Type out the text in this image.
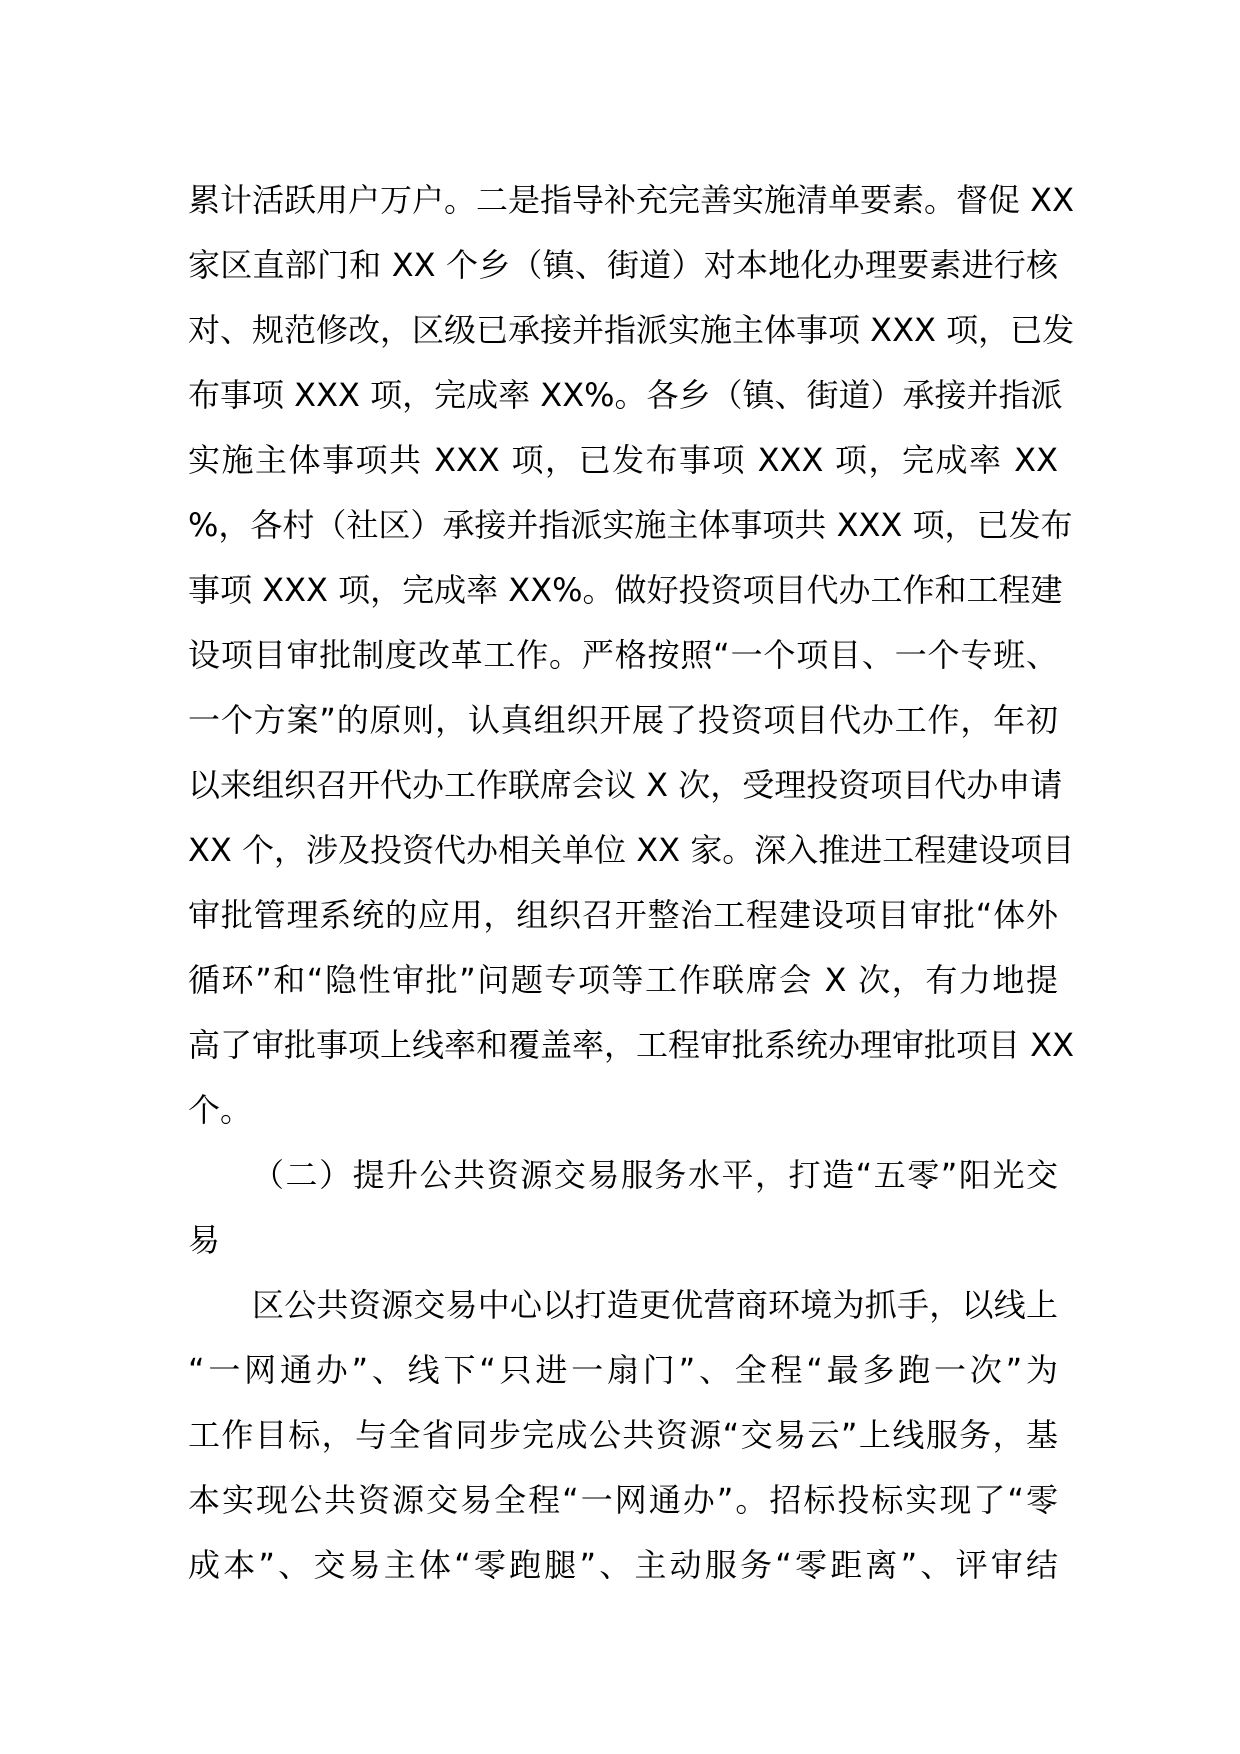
累计活跃用户万户。二是指导补充完善实施清单要素。督促 XX
家区直部门和 XX 个乡（镇、街道）对本地化办理要素进行核
对、规范修改，区级已承接并指派实施主体事项 XXX 项，已发
布事项 XXX 项，完成率 XX%。各乡（镇、街道）承接并指派
实施主体事项共 XXX 项，已发布事项 XXX 项，完成率 XX
%，各村（社区）承接并指派实施主体事项共 XXX 项，已发布
事项 XXX 项，完成率 XX%。做好投资项目代办工作和工程建
设项目审批制度改革工作。严格按照“一个项目、一个专班、
一个方案”的原则，认真组织开展了投资项目代办工作，年初
以来组织召开代办工作联席会议 X 次，受理投资项目代办申请
XX 个，涉及投资代办相关单位 XX 家。深入推进工程建设项目
审批管理系统的应用，组织召开整治工程建设项目审批“体外
循环”和“隐性审批”问题专项等工作联席会 X 次，有力地提
高了审批事项上线率和覆盖率，工程审批系统办理审批项目 XX
个。
（二）提升公共资源交易服务水平，打造“五零”阳光交
易
区公共资源交易中心以打造更优营商环境为抓手，以线上
“一网通办”、线下“只进一扇门”、全程“最多跑一次”为
工作目标，与全省同步完成公共资源“交易云”上线服务，基
本实现公共资源交易全程“一网通办”。招标投标实现了“零
成本”、交易主体“零跑腿”、主动服务“零距离”、评审结
